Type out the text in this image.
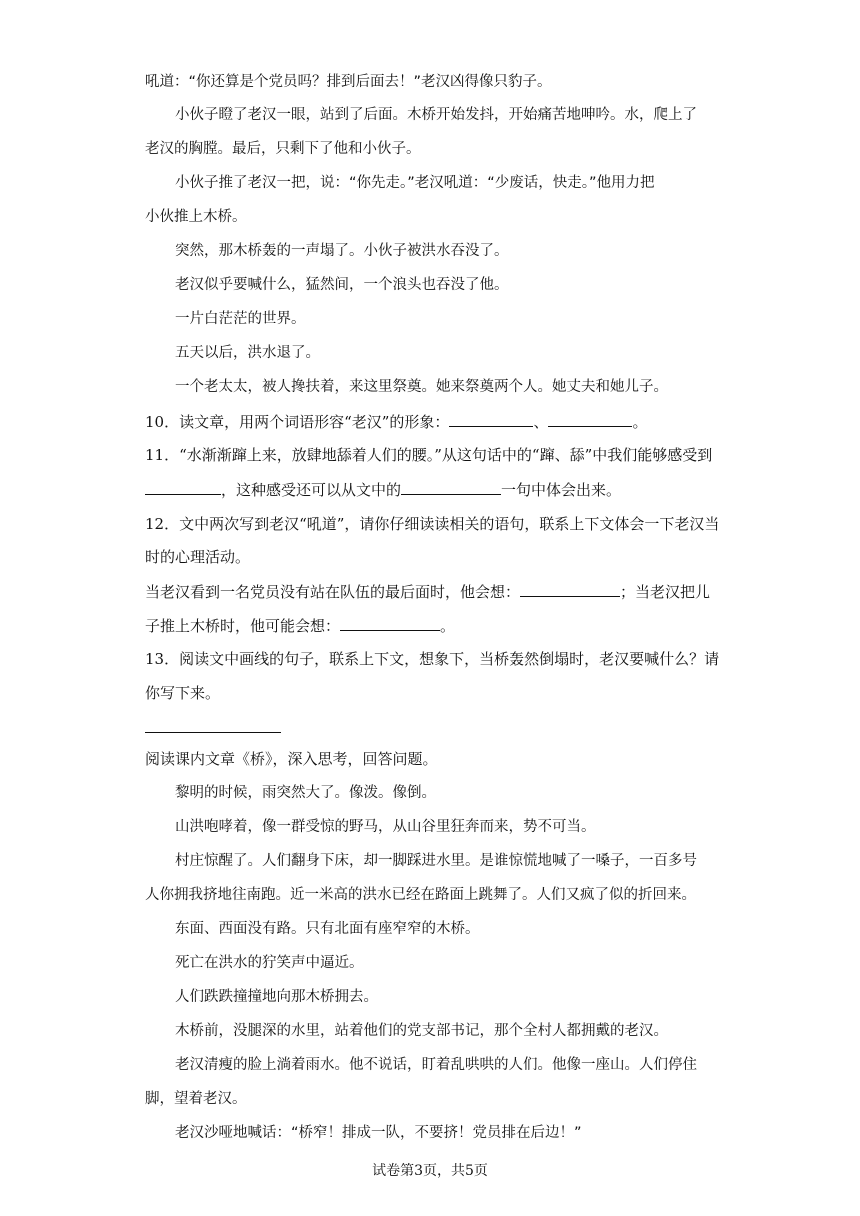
吼道：“你还算是个党员吗？排到后面去！”老汉凶得像只豹子。
小伙子瞪了老汉一眼，站到了后面。木桥开始发抖，开始痛苦地呻吟。水，爬上了
老汉的胸膛。最后，只剩下了他和小伙子。
小伙子推了老汉一把，说：“你先走。”老汉吼道：“少废话，快走。”他用力把
小伙推上木桥。
突然，那木桥轰的一声塌了。小伙子被洪水吞没了。
老汉似乎要喊什么，猛然间，一个浪头也吞没了他。
一片白茫茫的世界。
五天以后，洪水退了。
一个老太太，被人搀扶着，来这里祭奠。她来祭奠两个人。她丈夫和她儿子。
10．读文章，用两个词语形容“老汉”的形象：	、	。
11．“水渐渐蹿上来，放肆地舔着人们的腰。”从这句话中的“蹿、舔”中我们能够感受到
，这种感受还可以从文中的	一句中体会出来。
12．文中两次写到老汉“吼道”，请你仔细读读相关的语句，联系上下文体会一下老汉当
时的心理活动。
当老汉看到一名党员没有站在队伍的最后面时，他会想：	；当老汉把儿
子推上木桥时，他可能会想：	。
13．阅读文中画线的句子，联系上下文，想象下，当桥轰然倒塌时，老汉要喊什么？请
你写下来。
阅读课内文章《桥》，深入思考，回答问题。
黎明的时候，雨突然大了。像泼。像倒。
山洪咆哮着，像一群受惊的野马，从山谷里狂奔而来，势不可当。
村庄惊醒了。人们翻身下床，却一脚踩进水里。是谁惊慌地喊了一嗓子，一百多号
人你拥我挤地往南跑。近一米高的洪水已经在路面上跳舞了。人们又疯了似的折回来。
东面、西面没有路。只有北面有座窄窄的木桥。
死亡在洪水的狞笑声中逼近。
人们跌跌撞撞地向那木桥拥去。
木桥前，没腿深的水里，站着他们的党支部书记，那个全村人都拥戴的老汉。
老汉清瘦的脸上淌着雨水。他不说话，盯着乱哄哄的人们。他像一座山。人们停住
脚，望着老汉。
老汉沙哑地喊话：“桥窄！排成一队，不要挤！党员排在后边！”
试卷第3页，共5页
